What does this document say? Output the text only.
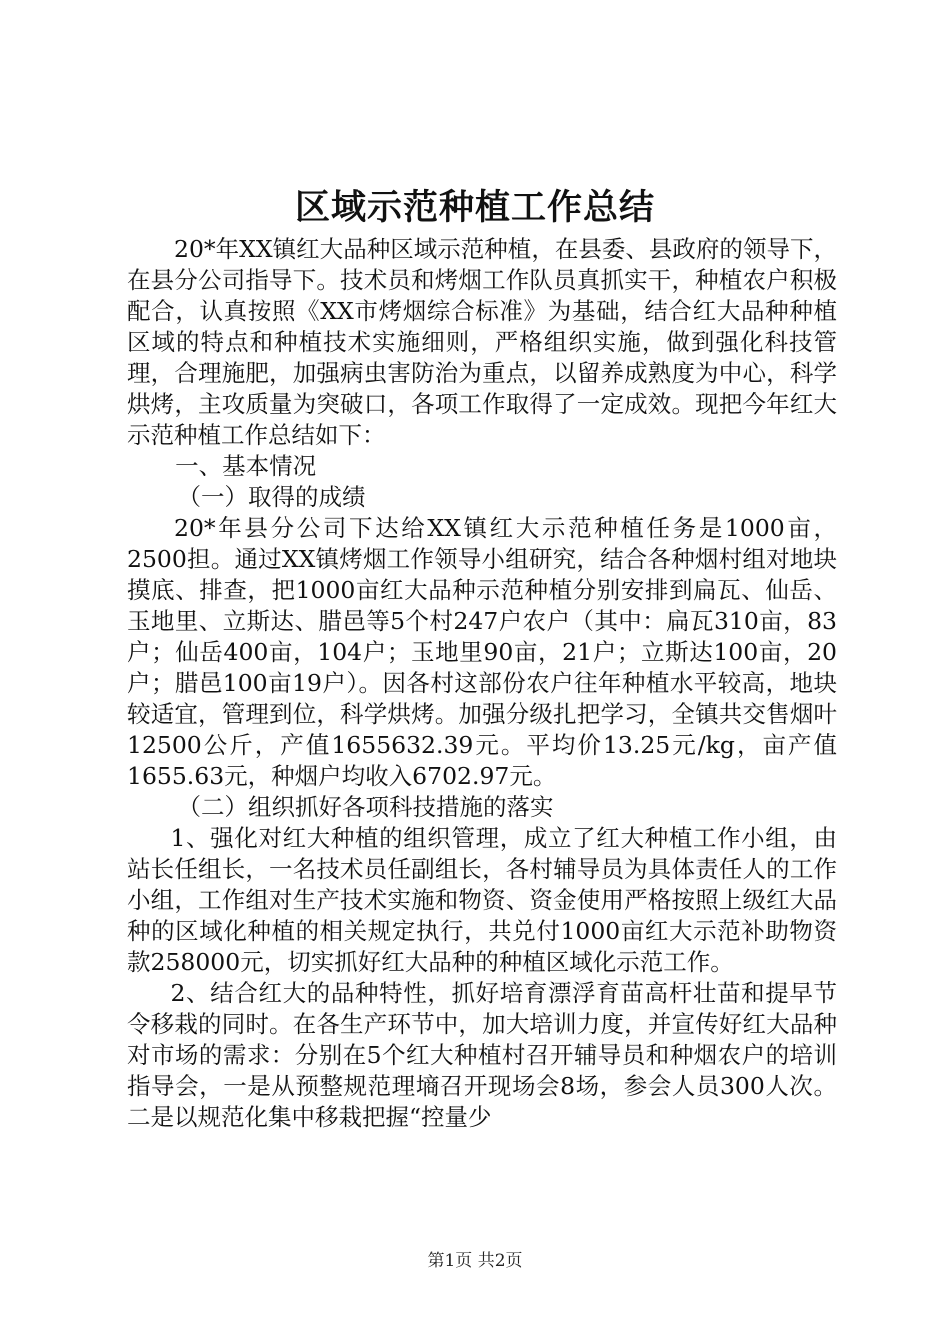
区域示范种植工作总结

20*年XX镇红大品种区域示范种植，在县委、县政府的领导下，在县分公司指导下。技术员和烤烟工作队员真抓实干，种植农户积极配合，认真按照《XX市烤烟综合标准》为基础，结合红大品种种植区域的特点和种植技术实施细则，严格组织实施，做到强化科技管理，合理施肥，加强病虫害防治为重点，以留养成熟度为中心，科学烘烤，主攻质量为突破口，各项工作取得了一定成效。现把今年红大示范种植工作总结如下：

一、基本情况

（一）取得的成绩

20*年县分公司下达给XX镇红大示范种植任务是1000亩，2500担。通过XX镇烤烟工作领导小组研究，结合各种烟村组对地块摸底、排查，把1000亩红大品种示范种植分别安排到扁瓦、仙岳、玉地里、立斯达、腊邑等5个村247户农户（其中：扁瓦310亩，83户；仙岳400亩，104户；玉地里90亩，21户；立斯达100亩，20户；腊邑100亩19户）。因各村这部份农户往年种植水平较高，地块较适宜，管理到位，科学烘烤。加强分级扎把学习，全镇共交售烟叶12500公斤，产值1655632.39元。平均价13.25元/kg，亩产值1655.63元，种烟户均收入6702.97元。

（二）组织抓好各项科技措施的落实

1、强化对红大种植的组织管理，成立了红大种植工作小组，由站长任组长，一名技术员任副组长，各村辅导员为具体责任人的工作小组，工作组对生产技术实施和物资、资金使用严格按照上级红大品种的区域化种植的相关规定执行，共兑付1000亩红大示范补助物资款258000元，切实抓好红大品种的种植区域化示范工作。

2、结合红大的品种特性，抓好培育漂浮育苗高杆壮苗和提早节令移栽的同时。在各生产环节中，加大培训力度，并宣传好红大品种对市场的需求：分别在5个红大种植村召开辅导员和种烟农户的培训指导会，一是从预整规范理墒召开现场会8场，参会人员300人次。二是以规范化集中移栽把握“控量少

第1页 共2页
